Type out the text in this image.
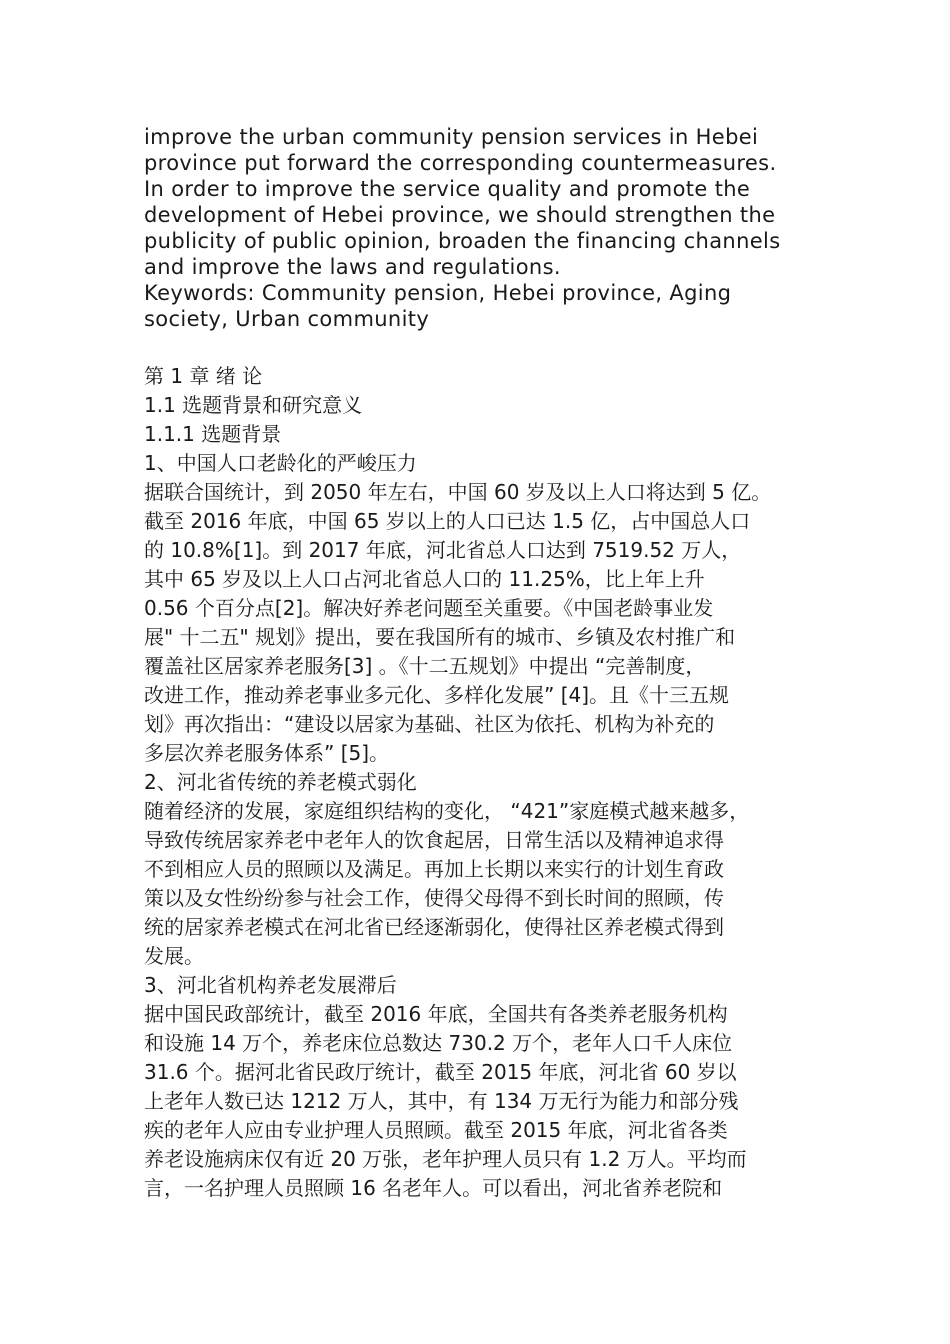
improve the urban community pension services in Hebei
province put forward the corresponding countermeasures.
In order to improve the service quality and promote the
development of Hebei province, we should strengthen the
publicity of public opinion, broaden the financing channels
and improve the laws and regulations.
Keywords: Community pension, Hebei province, Aging
society, Urban community
第 1 章 绪 论
1.1 选题背景和研究意义
1.1.1 选题背景
1、中国人口老龄化的严峻压力
据联合国统计，到 2050 年左右，中国 60 岁及以上人口将达到 5 亿。
截至 2016 年底，中国 65 岁以上的人口已达 1.5 亿，占中国总人口
的 10.8%[1]。到 2017 年底，河北省总人口达到 7519.52 万人，
其中 65 岁及以上人口占河北省总人口的 11.25%，比上年上升
0.56 个百分点[2]。解决好养老问题至关重要。《中国老龄事业发
展" 十二五" 规划》提出，要在我国所有的城市、乡镇及农村推广和
覆盖社区居家养老服务[3] 。《十二五规划》中提出 “完善制度，
改进工作，推动养老事业多元化、多样化发展” [4]。且《十三五规
划》再次指出：“建设以居家为基础、社区为依托、机构为补充的
多层次养老服务体系” [5]。
2、河北省传统的养老模式弱化
随着经济的发展，家庭组织结构的变化， “421”家庭模式越来越多，
导致传统居家养老中老年人的饮食起居，日常生活以及精神追求得
不到相应人员的照顾以及满足。再加上长期以来实行的计划生育政
策以及女性纷纷参与社会工作，使得父母得不到长时间的照顾，传
统的居家养老模式在河北省已经逐渐弱化，使得社区养老模式得到
发展。
3、河北省机构养老发展滞后
据中国民政部统计，截至 2016 年底，全国共有各类养老服务机构
和设施 14 万个，养老床位总数达 730.2 万个，老年人口千人床位
31.6 个。据河北省民政厅统计，截至 2015 年底，河北省 60 岁以
上老年人数已达 1212 万人，其中，有 134 万无行为能力和部分残
疾的老年人应由专业护理人员照顾。截至 2015 年底，河北省各类
养老设施病床仅有近 20 万张，老年护理人员只有 1.2 万人。平均而
言，一名护理人员照顾 16 名老年人。可以看出，河北省养老院和
